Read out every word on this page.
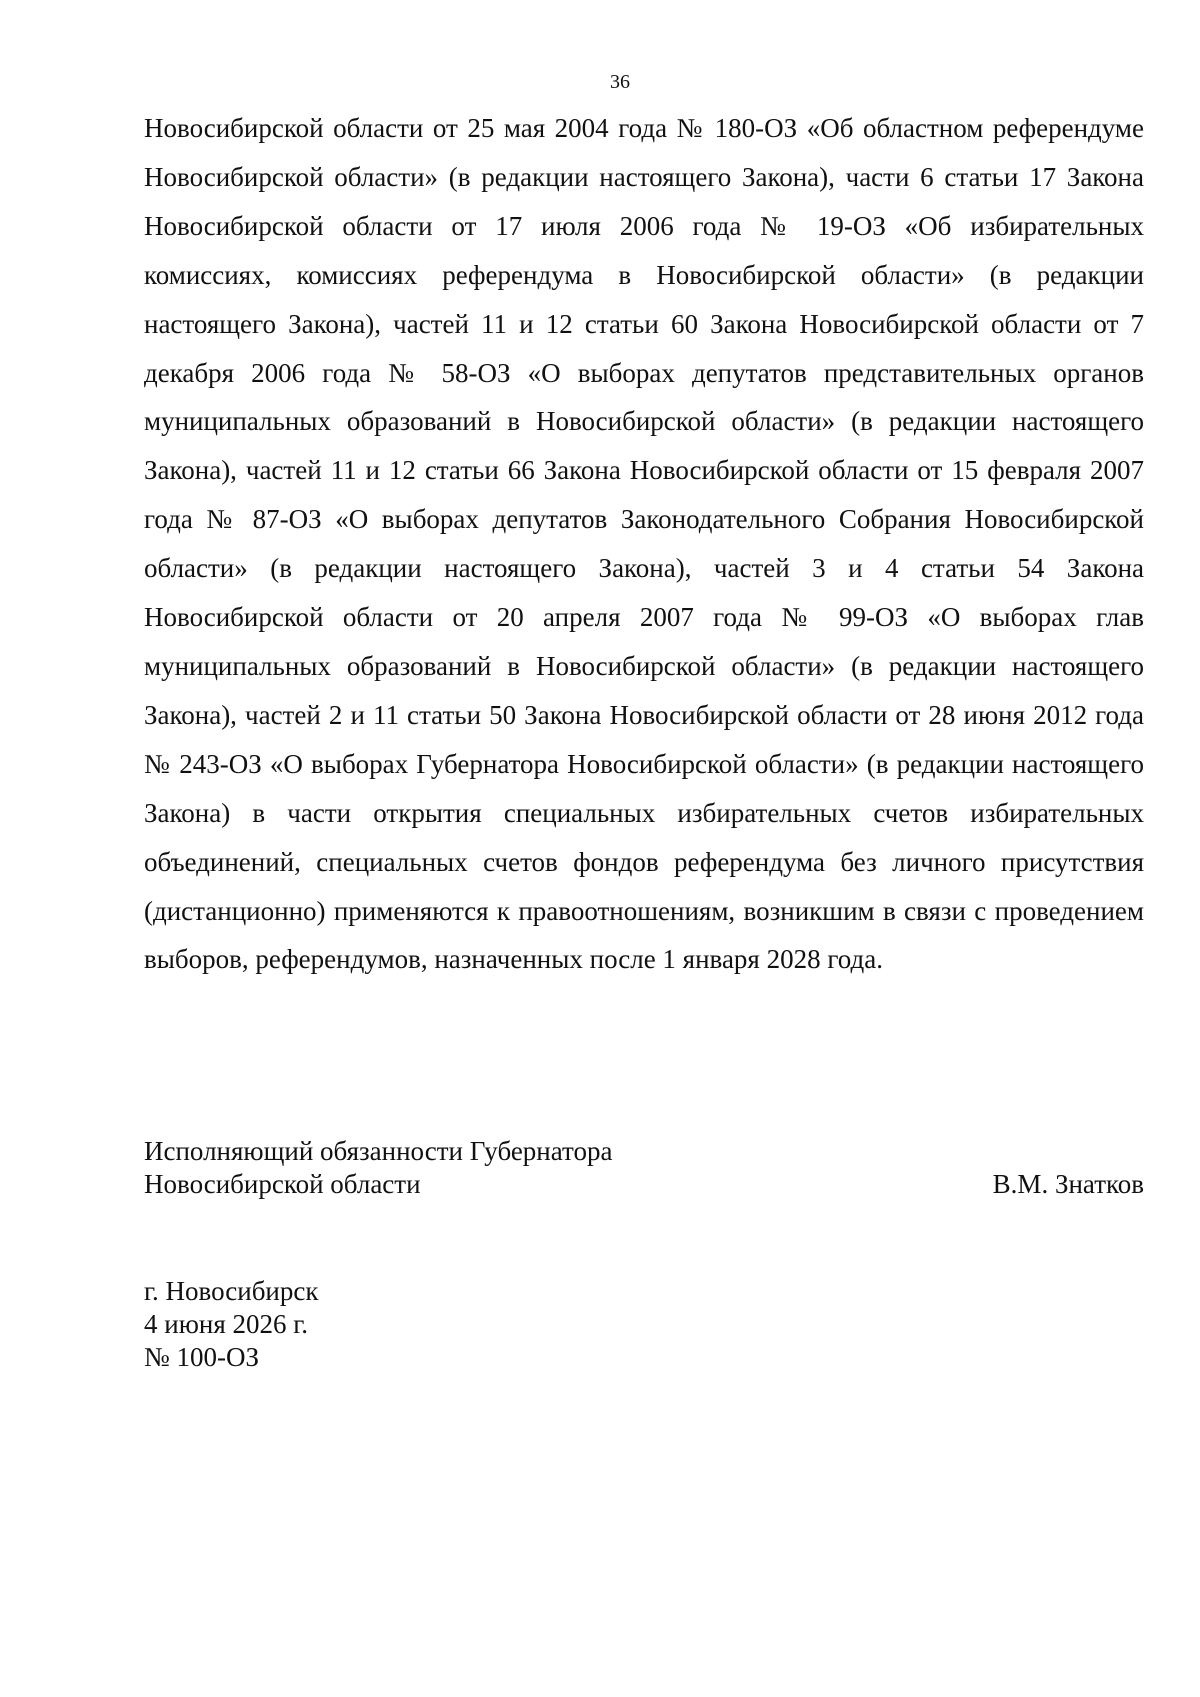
36

Новосибирской области от 25 мая 2004 года № 180-ОЗ «Об областном референдуме Новосибирской области» (в редакции настоящего Закона), части 6 статьи 17 Закона Новосибирской области от 17 июля 2006 года № 19-ОЗ «Об избирательных комиссиях, комиссиях референдума в Новосибирской области» (в редакции настоящего Закона), частей 11 и 12 статьи 60 Закона Новосибирской области от 7 декабря 2006 года № 58-ОЗ «О выборах депутатов представительных органов муниципальных образований в Новосибирской области» (в редакции настоящего Закона), частей 11 и 12 статьи 66 Закона Новосибирской области от 15 февраля 2007 года № 87-ОЗ «О выборах депутатов Законодательного Собрания Новосибирской области» (в редакции настоящего Закона), частей 3 и 4 статьи 54 Закона Новосибирской области от 20 апреля 2007 года № 99-ОЗ «О выборах глав муниципальных образований в Новосибирской области» (в редакции настоящего Закона), частей 2 и 11 статьи 50 Закона Новосибирской области от 28 июня 2012 года № 243-ОЗ «О выборах Губернатора Новосибирской области» (в редакции настоящего Закона) в части открытия специальных избирательных счетов избирательных объединений, специальных счетов фондов референдума без личного присутствия (дистанционно) применяются к правоотношениям, возникшим в связи с проведением выборов, референдумов, назначенных после 1 января 2028 года.

Исполняющий обязанности Губернатора
Новосибирской области	В.М. Знатков
г. Новосибирск
4 июня 2026 г.
№ 100-ОЗ
